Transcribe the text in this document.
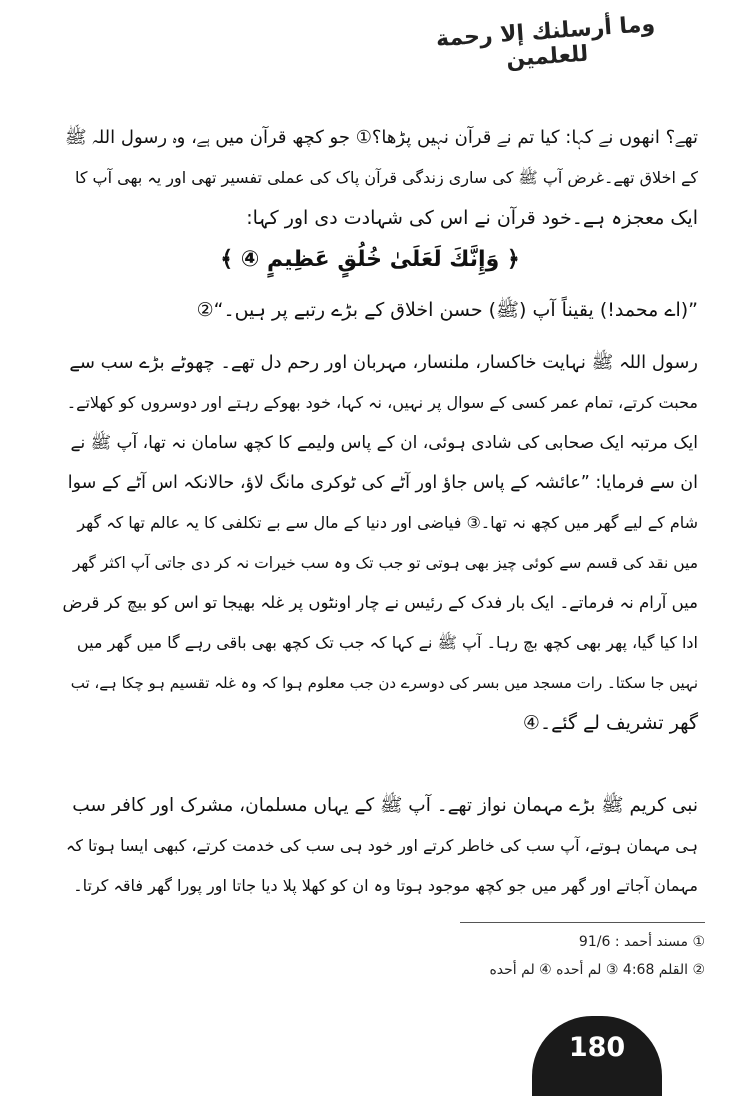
وما أرسلنك إلا رحمة للعلمين
تھے؟ انھوں نے کہا: کیا تم نے قرآن نہیں پڑھا؟① جو کچھ قرآن میں ہے، وہ رسول اللہ ﷺ
کے اخلاق تھے۔غرض آپ ﷺ کی ساری زندگی قرآن پاک کی عملی تفسیر تھی اور یہ بھی آپ کا
ایک معجزہ ہے۔خود قرآن نے اس کی شہادت دی اور کہا:
﴿ وَإِنَّكَ لَعَلَىٰ خُلُقٍ عَظِيمٍ ④ ﴾
”(اے محمد!) یقیناً آپ (ﷺ) حسن اخلاق کے بڑے رتبے پر ہیں۔“②
رسول اللہ ﷺ نہایت خاکسار، ملنسار، مہربان اور رحم دل تھے۔ چھوٹے بڑے سب سے
محبت کرتے، تمام عمر کسی کے سوال پر نہیں، نہ کہا، خود بھوکے رہتے اور دوسروں کو کھلاتے۔
ایک مرتبہ ایک صحابی کی شادی ہوئی، ان کے پاس ولیمے کا کچھ سامان نہ تھا، آپ ﷺ نے
ان سے فرمایا: ”عائشہ کے پاس جاؤ اور آٹے کی ٹوکری مانگ لاؤ، حالانکہ اس آٹے کے سوا
شام کے لیے گھر میں کچھ نہ تھا۔③ فیاضی اور دنیا کے مال سے بے تکلفی کا یہ عالم تھا کہ گھر
میں نقد کی قسم سے کوئی چیز بھی ہوتی تو جب تک وہ سب خیرات نہ کر دی جاتی آپ اکثر گھر
میں آرام نہ فرماتے۔ ایک بار فدک کے رئیس نے چار اونٹوں پر غلہ بھیجا تو اس کو بیچ کر قرض
ادا کیا گیا، پھر بھی کچھ بچ رہا۔ آپ ﷺ نے کہا کہ جب تک کچھ بھی باقی رہے گا میں گھر میں
نہیں جا سکتا۔ رات مسجد میں بسر کی دوسرے دن جب معلوم ہوا کہ وہ غلہ تقسیم ہو چکا ہے، تب
گھر تشریف لے گئے۔④
نبی کریم ﷺ بڑے مہمان نواز تھے۔ آپ ﷺ کے یہاں مسلمان، مشرک اور کافر سب
ہی مہمان ہوتے، آپ سب کی خاطر کرتے اور خود ہی سب کی خدمت کرتے، کبھی ایسا ہوتا کہ
مہمان آجاتے اور گھر میں جو کچھ موجود ہوتا وہ ان کو کھلا پلا دیا جاتا اور پورا گھر فاقہ کرتا۔
① مسند أحمد : 91/6
② القلم 4:68 ③ لم أحده ④ لم أحده
180
